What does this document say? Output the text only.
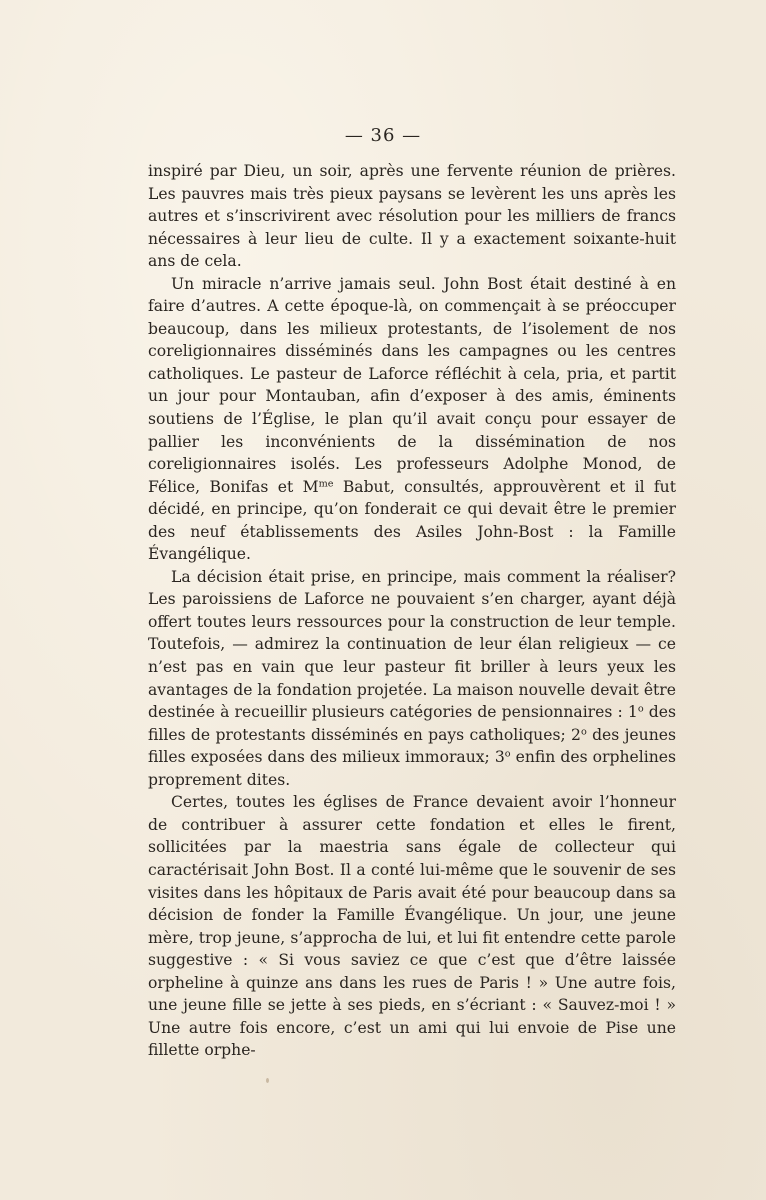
— 36 —

inspiré par Dieu, un soir, après une fervente réunion de prières. Les pauvres mais très pieux paysans se levèrent les uns après les autres et s’inscrivirent avec résolution pour les milliers de francs nécessaires à leur lieu de culte. Il y a exactement soixante-huit ans de cela.

Un miracle n’arrive jamais seul. John Bost était destiné à en faire d’autres. A cette époque-là, on commençait à se préoccuper beaucoup, dans les milieux protestants, de l’isolement de nos coreligionnaires disséminés dans les campagnes ou les centres catholiques. Le pasteur de Laforce réfléchit à cela, pria, et partit un jour pour Montauban, afin d’exposer à des amis, éminents soutiens de l’Église, le plan qu’il avait conçu pour essayer de pallier les inconvénients de la dissémination de nos coreligionnaires isolés. Les professeurs Adolphe Monod, de Félice, Bonifas et $M^{me}$ Babut, consultés, approuvèrent et il fut décidé, en principe, qu’on fonderait ce qui devait être le premier des neuf établissements des Asiles John-Bost : la Famille Évangélique.

La décision était prise, en principe, mais comment la réaliser? Les paroissiens de Laforce ne pouvaient s’en charger, ayant déjà offert toutes leurs ressources pour la construction de leur temple. Toutefois, — admirez la continuation de leur élan religieux — ce n’est pas en vain que leur pasteur fit briller à leurs yeux les avantages de la fondation projetée. La maison nouvelle devait être destinée à recueillir plusieurs catégories de pensionnaires : 1$^o$ des filles de protestants disséminés en pays catholiques; 2$^o$ des jeunes filles exposées dans des milieux immoraux; 3$^o$ enfin des orphelines proprement dites.

Certes, toutes les églises de France devaient avoir l’honneur de contribuer à assurer cette fondation et elles le firent, sollicitées par la maestria sans égale de collecteur qui caractérisait John Bost. Il a conté lui-même que le souvenir de ses visites dans les hôpitaux de Paris avait été pour beaucoup dans sa décision de fonder la Famille Évangélique. Un jour, une jeune mère, trop jeune, s’approcha de lui, et lui fit entendre cette parole suggestive : « Si vous saviez ce que c’est que d’être laissée orpheline à quinze ans dans les rues de Paris ! » Une autre fois, une jeune fille se jette à ses pieds, en s’écriant : « Sauvez-moi ! » Une autre fois encore, c’est un ami qui lui envoie de Pise une fillette orphe-
